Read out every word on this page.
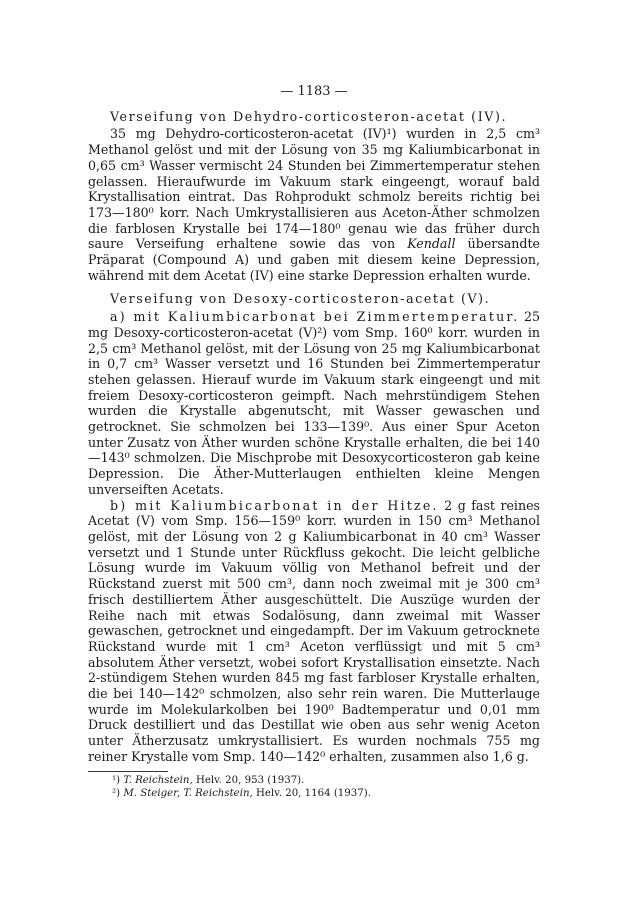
— 1183 —
Verseifung von Dehydro-corticosteron-acetat (IV).

35 mg Dehydro-corticosteron-acetat (IV)¹) wurden in 2,5 cm³ Methanol gelöst und mit der Lösung von 35 mg Kaliumbicarbonat in 0,65 cm³ Wasser vermischt 24 Stunden bei Zimmertemperatur stehen gelassen. Hieraufwurde im Vakuum stark eingeengt, worauf bald Krystallisation eintrat. Das Rohprodukt schmolz bereits richtig bei 173—180⁰ korr. Nach Umkrystallisieren aus Aceton-Äther schmolzen die farblosen Krystalle bei 174—180⁰ genau wie das früher durch saure Verseifung erhaltene sowie das von Kendall übersandte Präparat (Compound A) und gaben mit diesem keine Depression, während mit dem Acetat (IV) eine starke Depression erhalten wurde.

Verseifung von Desoxy-corticosteron-acetat (V).

a) mit Kaliumbicarbonat bei Zimmertemperatur. 25 mg Desoxy-corticosteron-acetat (V)²) vom Smp. 160⁰ korr. wurden in 2,5 cm³ Methanol gelöst, mit der Lösung von 25 mg Kaliumbicarbonat in 0,7 cm³ Wasser versetzt und 16 Stunden bei Zimmertemperatur stehen gelassen. Hierauf wurde im Vakuum stark eingeengt und mit freiem Desoxy-corticosteron geimpft. Nach mehrstündigem Stehen wurden die Krystalle abgenutscht, mit Wasser gewaschen und getrocknet. Sie schmolzen bei 133—139⁰. Aus einer Spur Aceton unter Zusatz von Äther wurden schöne Krystalle erhalten, die bei 140—143⁰ schmolzen. Die Mischprobe mit Desoxycorticosteron gab keine Depression. Die Äther-Mutterlaugen enthielten kleine Mengen unverseiften Acetats.

b) mit Kaliumbicarbonat in der Hitze. 2 g fast reines Acetat (V) vom Smp. 156—159⁰ korr. wurden in 150 cm³ Methanol gelöst, mit der Lösung von 2 g Kaliumbicarbonat in 40 cm³ Wasser versetzt und 1 Stunde unter Rückfluss gekocht. Die leicht gelbliche Lösung wurde im Vakuum völlig von Methanol befreit und der Rückstand zuerst mit 500 cm³, dann noch zweimal mit je 300 cm³ frisch destilliertem Äther ausgeschüttelt. Die Auszüge wurden der Reihe nach mit etwas Sodalösung, dann zweimal mit Wasser gewaschen, getrocknet und eingedampft. Der im Vakuum getrocknete Rückstand wurde mit 1 cm³ Aceton verflüssigt und mit 5 cm³ absolutem Äther versetzt, wobei sofort Krystallisation einsetzte. Nach 2-stündigem Stehen wurden 845 mg fast farbloser Krystalle erhalten, die bei 140—142⁰ schmolzen, also sehr rein waren. Die Mutterlauge wurde im Molekularkolben bei 190⁰ Badtemperatur und 0,01 mm Druck destilliert und das Destillat wie oben aus sehr wenig Aceton unter Ätherzusatz umkrystallisiert. Es wurden nochmals 755 mg reiner Krystalle vom Smp. 140—142⁰ erhalten, zusammen also 1,6 g.

¹) T. Reichstein, Helv. 20, 953 (1937).
²) M. Steiger, T. Reichstein, Helv. 20, 1164 (1937).
